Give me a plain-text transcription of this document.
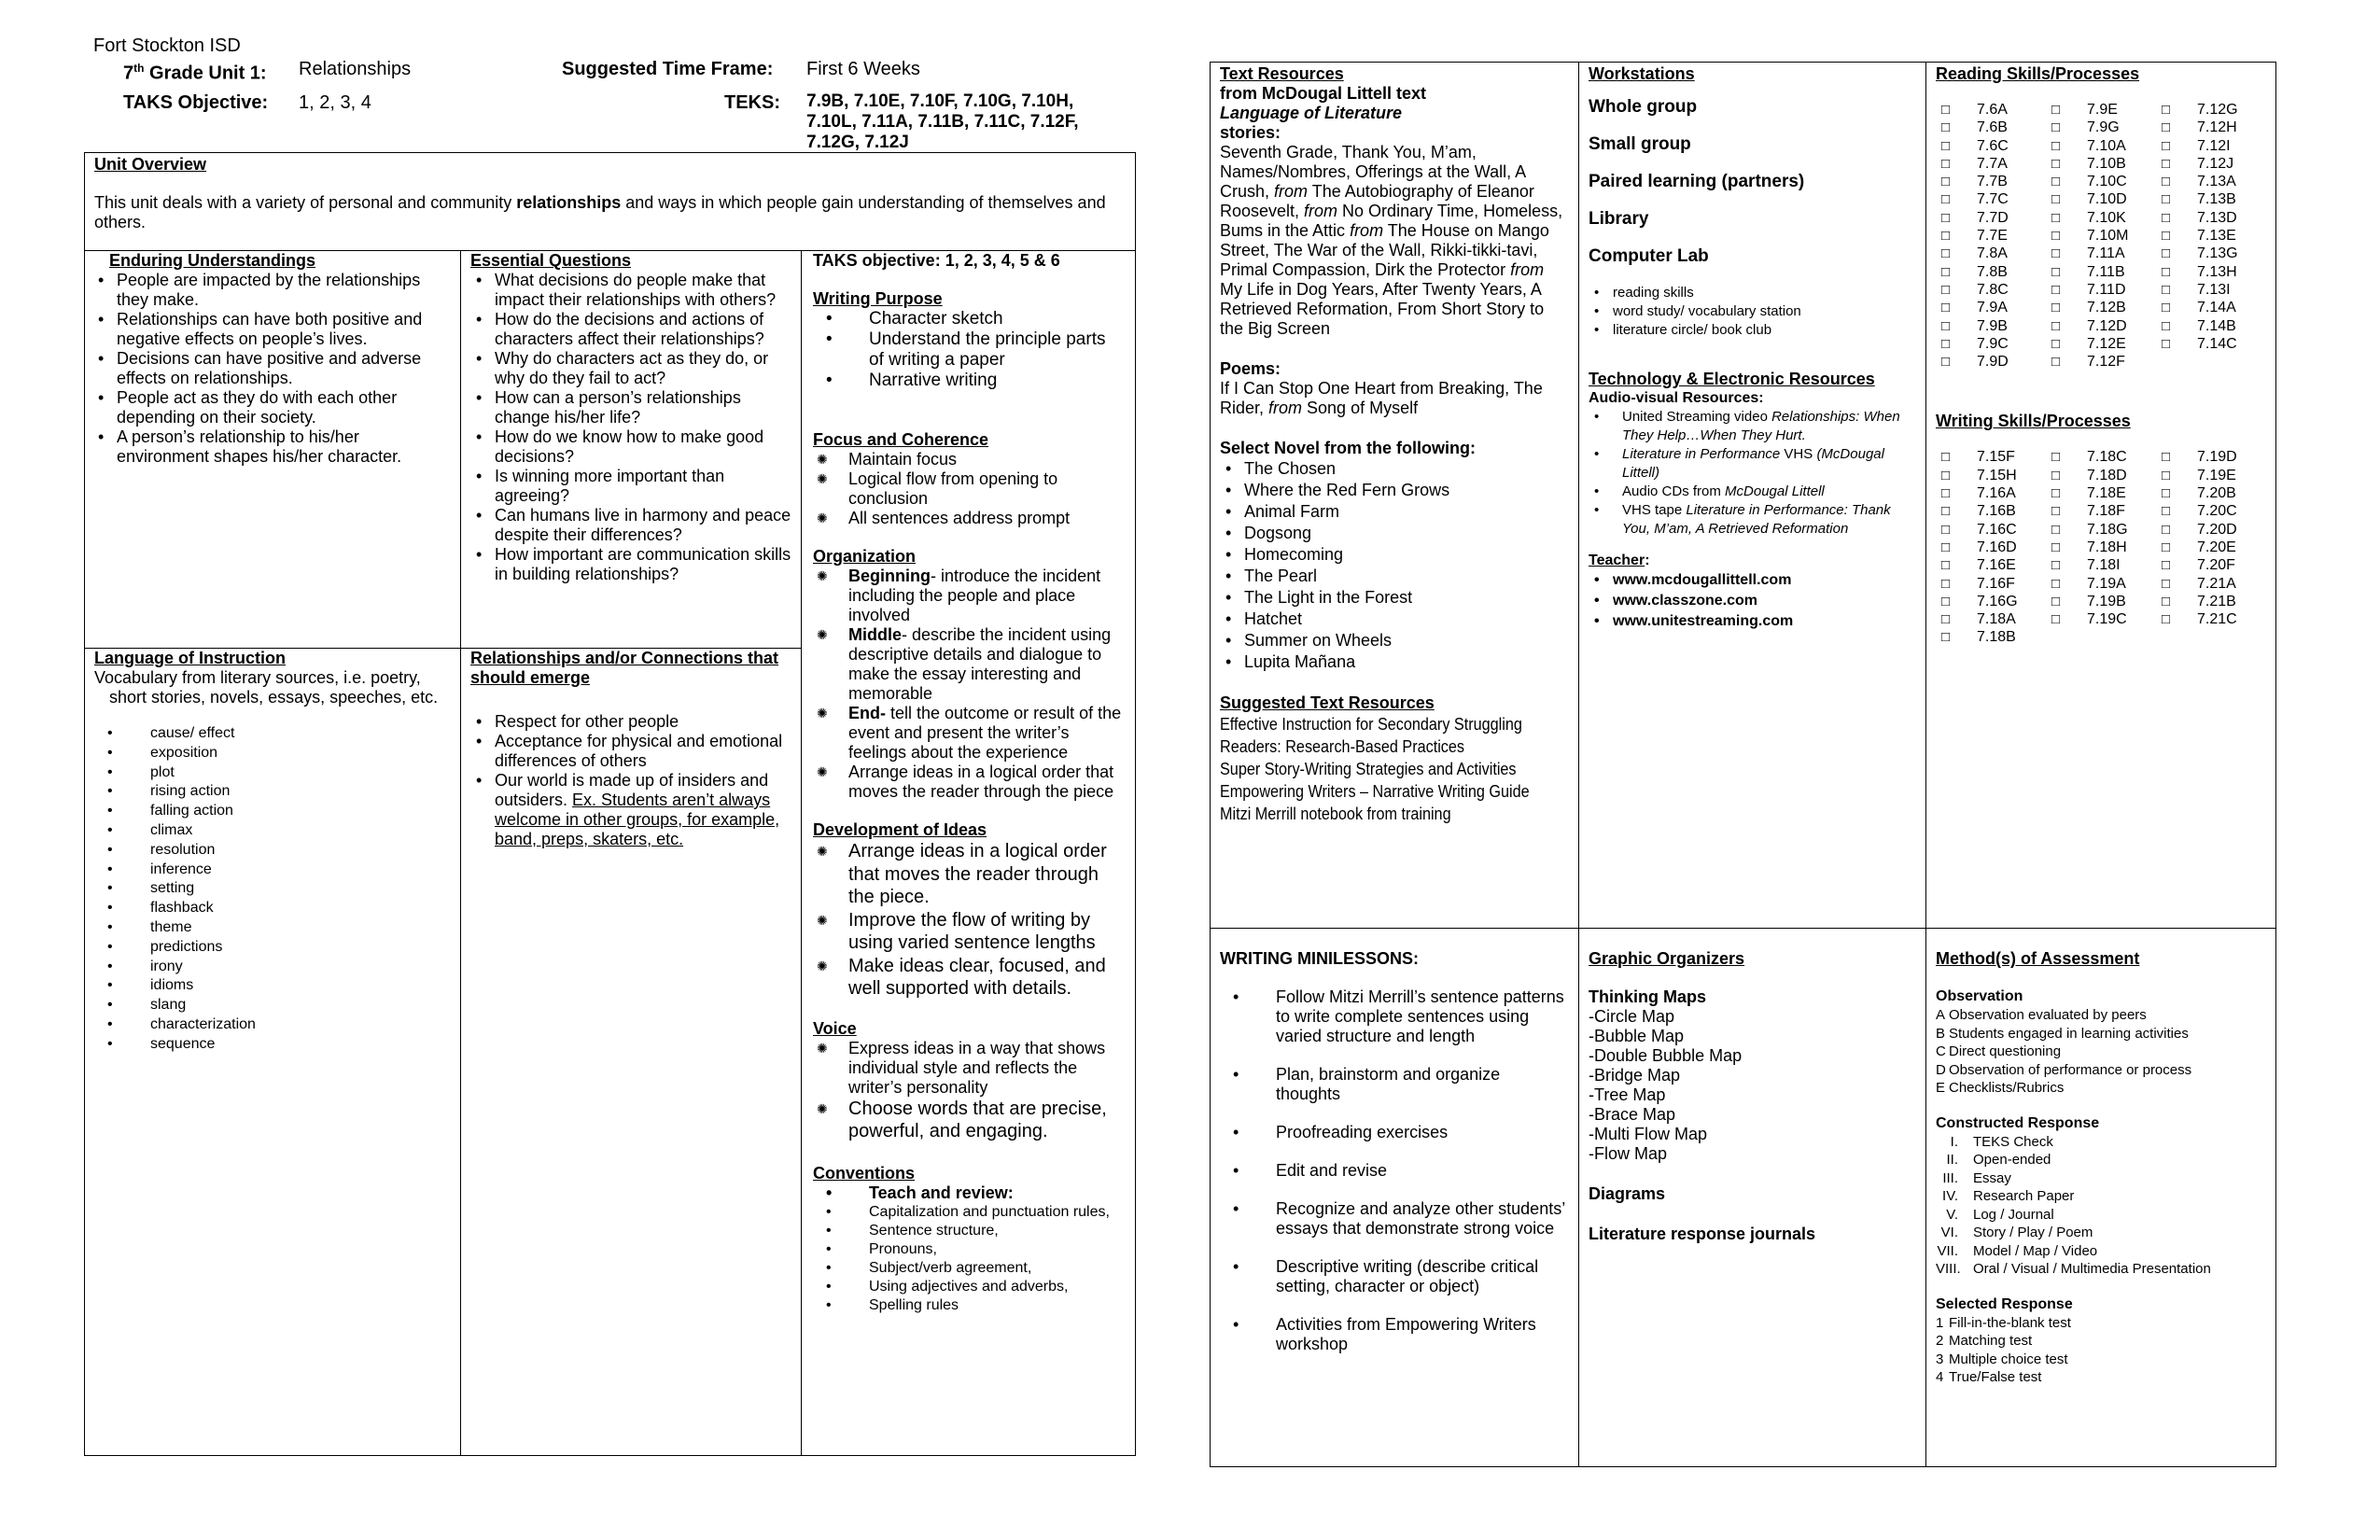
Fort Stockton ISD
7th Grade Unit 1: Relationships	Suggested Time Frame: First 6 Weeks
TAKS Objective: 1, 2, 3, 4	TEKS: 7.9B, 7.10E, 7.10F, 7.10G, 7.10H, 7.10L, 7.11A, 7.11B, 7.11C, 7.12F, 7.12G, 7.12J
Unit Overview
This unit deals with a variety of personal and community relationships and ways in which people gain understanding of themselves and others.
Enduring Understandings
• People are impacted by the relationships they make.
• Relationships can have both positive and negative effects on people’s lives.
• Decisions can have positive and adverse effects on relationships.
• People act as they do with each other depending on their society.
• A person’s relationship to his/her environment shapes his/her character.
Essential Questions
• What decisions do people make that impact their relationships with others?
• How do the decisions and actions of characters affect their relationships?
• Why do characters act as they do, or why do they fail to act?
• How can a person’s relationships change his/her life?
• How do we know how to make good decisions?
• Is winning more important than agreeing?
• Can humans live in harmony and peace despite their differences?
• How important are communication skills in building relationships?
TAKS objective: 1, 2, 3, 4, 5 & 6
Writing Purpose
• Character sketch
• Understand the principle parts of writing a paper
• Narrative writing
Focus and Coherence
✺ Maintain focus
✺ Logical flow from opening to conclusion
✺ All sentences address prompt
Organization
✺ Beginning- introduce the incident including the people and place involved
✺ Middle- describe the incident using descriptive details and dialogue to make the essay interesting and memorable
✺ End- tell the outcome or result of the event and present the writer’s feelings about the experience
✺ Arrange ideas in a logical order that moves the reader through the piece
Development of Ideas
✺ Arrange ideas in a logical order that moves the reader through the piece.
✺ Improve the flow of writing by using varied sentence lengths
✺ Make ideas clear, focused, and well supported with details.
Voice
✺ Express ideas in a way that shows individual style and reflects the writer’s personality
✺ Choose words that are precise, powerful, and engaging.
Conventions
• Teach and review:
• Capitalization and punctuation rules,
• Sentence structure,
• Pronouns,
• Subject/verb agreement,
• Using adjectives and adverbs,
• Spelling rules
Language of Instruction
Vocabulary from literary sources, i.e. poetry, short stories, novels, essays, speeches, etc.
• cause/ effect
• exposition
• plot
• rising action
• falling action
• climax
• resolution
• inference
• setting
• flashback
• theme
• predictions
• irony
• idioms
• slang
• characterization
• sequence
Relationships and/or Connections that should emerge
• Respect for other people
• Acceptance for physical and emotional differences of others
• Our world is made up of insiders and outsiders. Ex. Students aren’t always welcome in other groups, for example, band, preps, skaters, etc.
Text Resources
from McDougal Littell text
Language of Literature
stories:
Seventh Grade, Thank You, M’am, Names/Nombres, Offerings at the Wall, A Crush, from The Autobiography of Eleanor Roosevelt, from No Ordinary Time, Homeless, Bums in the Attic from The House on Mango Street, The War of the Wall, Rikki-tikki-tavi, Primal Compassion, Dirk the Protector from My Life in Dog Years, After Twenty Years, A Retrieved Reformation, From Short Story to the Big Screen
Poems:
If I Can Stop One Heart from Breaking, The Rider, from Song of Myself
Select Novel from the following:
• The Chosen
• Where the Red Fern Grows
• Animal Farm
• Dogsong
• Homecoming
• The Pearl
• The Light in the Forest
• Hatchet
• Summer on Wheels
• Lupita Mañana
Suggested Text Resources
Effective Instruction for Secondary Struggling Readers: Research-Based Practices
Super Story-Writing Strategies and Activities
Empowering Writers – Narrative Writing Guide
Mitzi Merrill notebook from training
Workstations
Whole group
Small group
Paired learning (partners)
Library
Computer Lab
• reading skills
• word study/ vocabulary station
• literature circle/ book club
Technology & Electronic Resources
Audio-visual Resources:
• United Streaming video Relationships: When They Help…When They Hurt.
• Literature in Performance VHS (McDougal Littell)
• Audio CDs from McDougal Littell
• VHS tape Literature in Performance: Thank You, M’am, A Retrieved Reformation
Teacher:
• www.mcdougallittell.com
• www.classzone.com
• www.unitestreaming.com
Reading Skills/Processes
□ 7.6A	□ 7.9E	□ 7.12G
□ 7.6B	□ 7.9G	□ 7.12H
□ 7.6C	□ 7.10A	□ 7.12I
□ 7.7A	□ 7.10B	□ 7.12J
□ 7.7B	□ 7.10C	□ 7.13A
□ 7.7C	□ 7.10D	□ 7.13B
□ 7.7D	□ 7.10K	□ 7.13D
□ 7.7E	□ 7.10M	□ 7.13E
□ 7.8A	□ 7.11A	□ 7.13G
□ 7.8B	□ 7.11B	□ 7.13H
□ 7.8C	□ 7.11D	□ 7.13I
□ 7.9A	□ 7.12B	□ 7.14A
□ 7.9B	□ 7.12D	□ 7.14B
□ 7.9C	□ 7.12E	□ 7.14C
□ 7.9D	□ 7.12F
Writing Skills/Processes
□ 7.15F	□ 7.18C	□ 7.19D
□ 7.15H	□ 7.18D	□ 7.19E
□ 7.16A	□ 7.18E	□ 7.20B
□ 7.16B	□ 7.18F	□ 7.20C
□ 7.16C	□ 7.18G	□ 7.20D
□ 7.16D	□ 7.18H	□ 7.20E
□ 7.16E	□ 7.18I	□ 7.20F
□ 7.16F	□ 7.19A	□ 7.21A
□ 7.16G	□ 7.19B	□ 7.21B
□ 7.18A	□ 7.19C	□ 7.21C
□ 7.18B
WRITING MINILESSONS:
• Follow Mitzi Merrill’s sentence patterns to write complete sentences using varied structure and length
• Plan, brainstorm and organize thoughts
• Proofreading exercises
• Edit and revise
• Recognize and analyze other students’ essays that demonstrate strong voice
• Descriptive writing (describe critical setting, character or object)
• Activities from Empowering Writers workshop
Graphic Organizers
Thinking Maps
-Circle Map
-Bubble Map
-Double Bubble Map
-Bridge Map
-Tree Map
-Brace Map
-Multi Flow Map
-Flow Map
Diagrams
Literature response journals
Method(s) of Assessment
Observation
A Observation evaluated by peers
B Students engaged in learning activities
C Direct questioning
D Observation of performance or process
E Checklists/Rubrics
Constructed Response
I.	TEKS Check
II.	Open-ended
III.	Essay
IV.	Research Paper
V.	Log / Journal
VI.	Story / Play / Poem
VII.	Model / Map / Video
VIII. Oral / Visual / Multimedia Presentation
Selected Response
1 Fill-in-the-blank test
2 Matching test
3 Multiple choice test
4 True/False test
